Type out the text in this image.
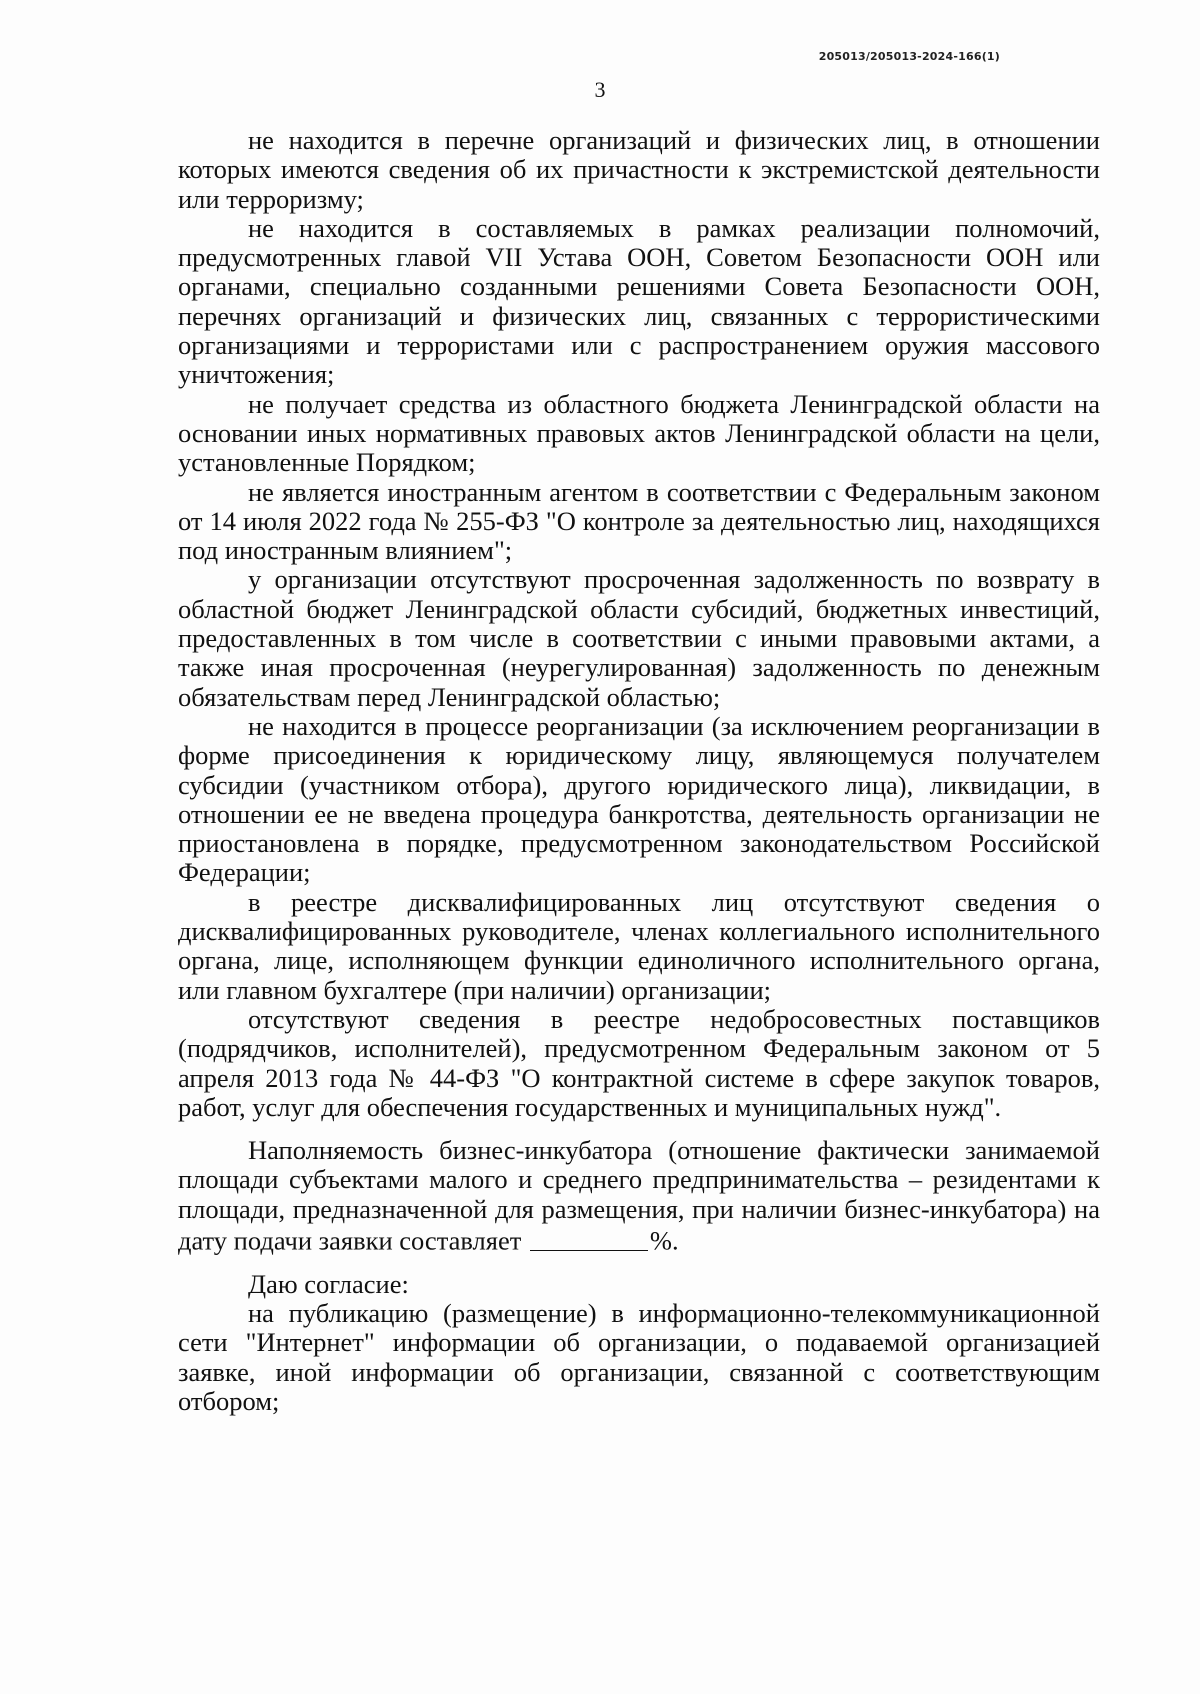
205013/205013-2024-166(1)
3

не находится в перечне организаций и физических лиц, в отношении которых имеются сведения об их причастности к экстремистской деятельности или терроризму;

не находится в составляемых в рамках реализации полномочий, предусмотренных главой VII Устава ООН, Советом Безопасности ООН или органами, специально созданными решениями Совета Безопасности ООН, перечнях организаций и физических лиц, связанных с террористическими организациями и террористами или с распространением оружия массового уничтожения;

не получает средства из областного бюджета Ленинградской области на основании иных нормативных правовых актов Ленинградской области на цели, установленные Порядком;

не является иностранным агентом в соответствии с Федеральным законом от 14 июля 2022 года № 255-ФЗ "О контроле за деятельностью лиц, находящихся под иностранным влиянием";

у организации отсутствуют просроченная задолженность по возврату в областной бюджет Ленинградской области субсидий, бюджетных инвестиций, предоставленных в том числе в соответствии с иными правовыми актами, а также иная просроченная (неурегулированная) задолженность по денежным обязательствам перед Ленинградской областью;

не находится в процессе реорганизации (за исключением реорганизации в форме присоединения к юридическому лицу, являющемуся получателем субсидии (участником отбора), другого юридического лица), ликвидации, в отношении ее не введена процедура банкротства, деятельность организации не приостановлена в порядке, предусмотренном законодательством Российской Федерации;

в реестре дисквалифицированных лиц отсутствуют сведения о дисквалифицированных руководителе, членах коллегиального исполнительного органа, лице, исполняющем функции единоличного исполнительного органа, или главном бухгалтере (при наличии) организации;

отсутствуют сведения в реестре недобросовестных поставщиков (подрядчиков, исполнителей), предусмотренном Федеральным законом от 5 апреля 2013 года № 44-ФЗ "О контрактной системе в сфере закупок товаров, работ, услуг для обеспечения государственных и муниципальных нужд".

Наполняемость бизнес-инкубатора (отношение фактически занимаемой площади субъектами малого и среднего предпринимательства – резидентами к площади, предназначенной для размещения, при наличии бизнес-инкубатора) на дату подачи заявки составляет	%.

Даю согласие:

на публикацию (размещение) в информационно-телекоммуникационной сети "Интернет" информации об организации, о подаваемой организацией заявке, иной информации об организации, связанной с соответствующим отбором;
